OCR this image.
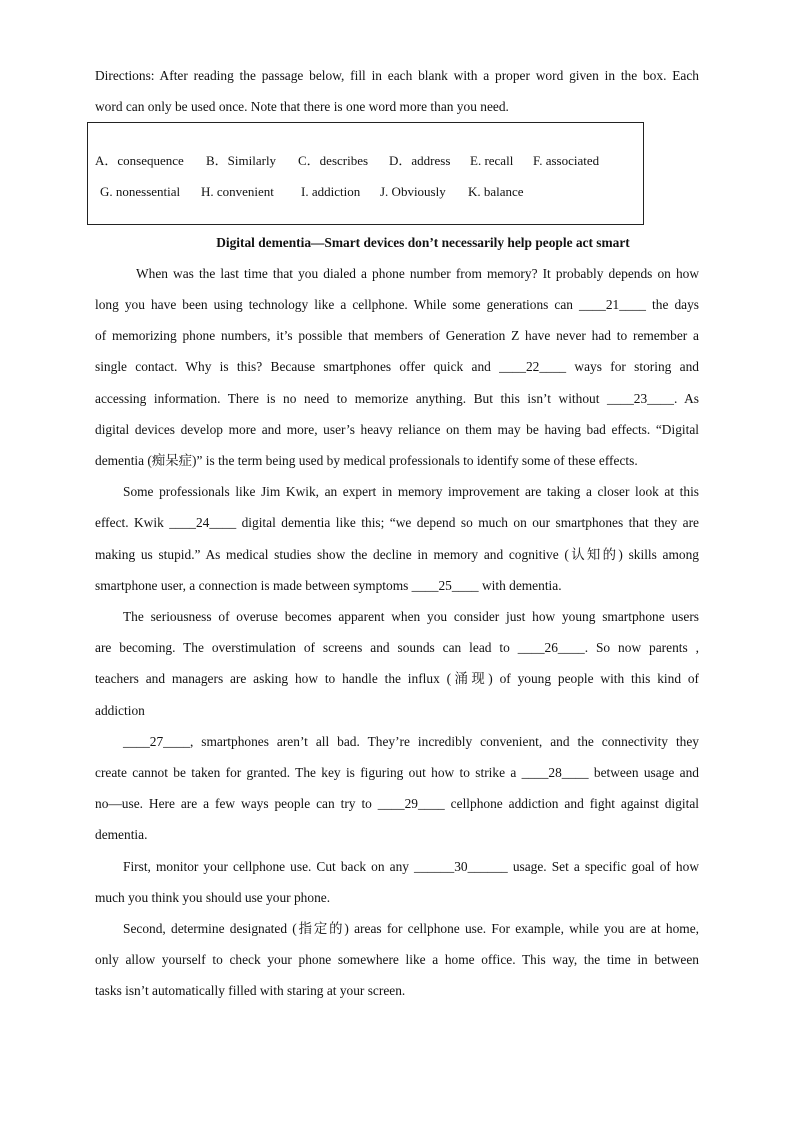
Directions: After reading the passage below, fill in each blank with a proper word given in the box. Each
word can only be used once. Note that there is one word more than you need.
A．consequence B．Similarly C．describes D．address E. recall F. associated
G. nonessential H. convenient I. addiction J. Obviously K. balance
Digital dementia—Smart devices don’t necessarily help people act smart
When was the last time that you dialed a phone number from memory? It probably depends on how
long you have been using technology like a cellphone. While some generations can ____21____ the days
of memorizing phone numbers, it’s possible that members of Generation Z have never had to remember a
single contact. Why is this? Because smartphones offer quick and ____22____ ways for storing and
accessing information. There is no need to memorize anything. But this isn’t without ____23____. As
digital devices develop more and more, user’s heavy reliance on them may be having bad effects. “Digital
dementia (痴呆症)” is the term being used by medical professionals to identify some of these effects.
Some professionals like Jim Kwik, an expert in memory improvement are taking a closer look at this
effect. Kwik ____24____ digital dementia like this; “we depend so much on our smartphones that they are
making us stupid.” As medical studies show the decline in memory and cognitive (认知的) skills among
smartphone user, a connection is made between symptoms ____25____ with dementia.
The seriousness of overuse becomes apparent when you consider just how young smartphone users
are becoming. The overstimulation of screens and sounds can lead to ____26____. So now parents ,
teachers and managers are asking how to handle the influx (涌现) of young people with this kind of
addiction
____27____, smartphones aren’t all bad. They’re incredibly convenient, and the connectivity they
create cannot be taken for granted. The key is figuring out how to strike a ____28____ between usage and
no—use. Here are a few ways people can try to ____29____ cellphone addiction and fight against digital
dementia.
First, monitor your cellphone use. Cut back on any ______30______ usage. Set a specific goal of how
much you think you should use your phone.
Second, determine designated (指定的) areas for cellphone use. For example, while you are at home,
only allow yourself to check your phone somewhere like a home office. This way, the time in between
tasks isn’t automatically filled with staring at your screen.
